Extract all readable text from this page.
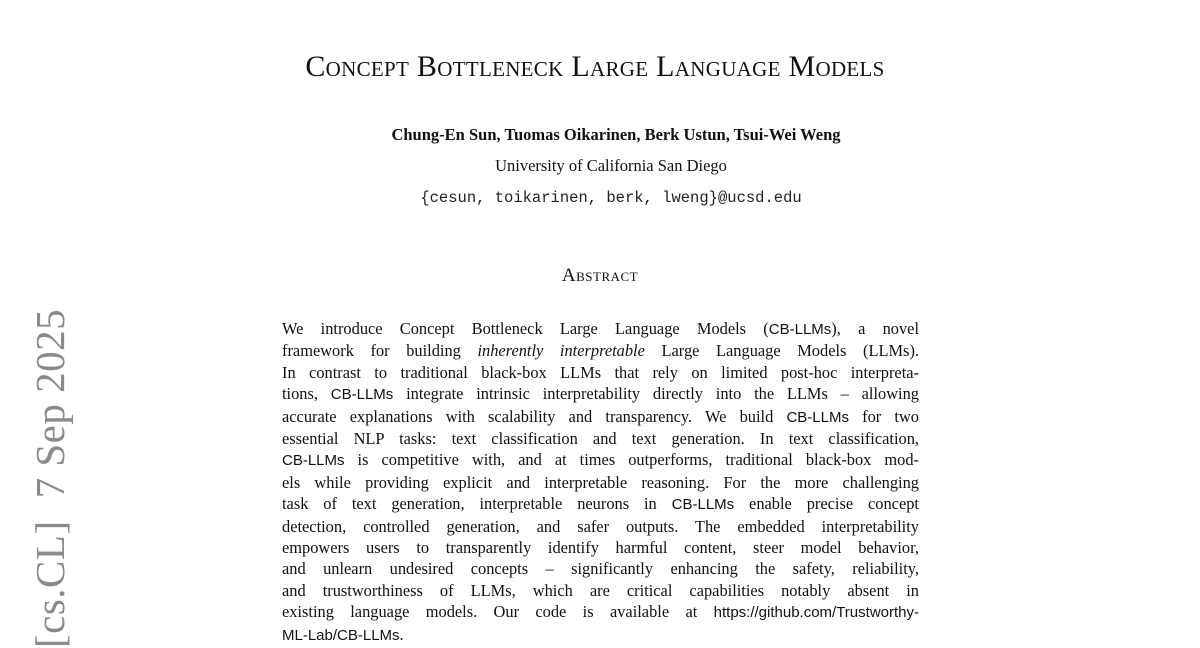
Concept Bottleneck Large Language Models
Chung-En Sun, Tuomas Oikarinen, Berk Ustun, Tsui-Wei Weng
University of California San Diego
{cesun, toikarinen, berk, lweng}@ucsd.edu
Abstract
We introduce Concept Bottleneck Large Language Models (CB-LLMs), a novel
framework for building inherently interpretable Large Language Models (LLMs).
In contrast to traditional black-box LLMs that rely on limited post-hoc interpreta-
tions, CB-LLMs integrate intrinsic interpretability directly into the LLMs – allowing
accurate explanations with scalability and transparency. We build CB-LLMs for two
essential NLP tasks: text classification and text generation. In text classification,
CB-LLMs is competitive with, and at times outperforms, traditional black-box mod-
els while providing explicit and interpretable reasoning. For the more challenging
task of text generation, interpretable neurons in CB-LLMs enable precise concept
detection, controlled generation, and safer outputs. The embedded interpretability
empowers users to transparently identify harmful content, steer model behavior,
and unlearn undesired concepts – significantly enhancing the safety, reliability,
and trustworthiness of LLMs, which are critical capabilities notably absent in
existing language models. Our code is available at https://github.com/Trustworthy-
ML-Lab/CB-LLMs.
[cs.CL]7 Sep 2025
